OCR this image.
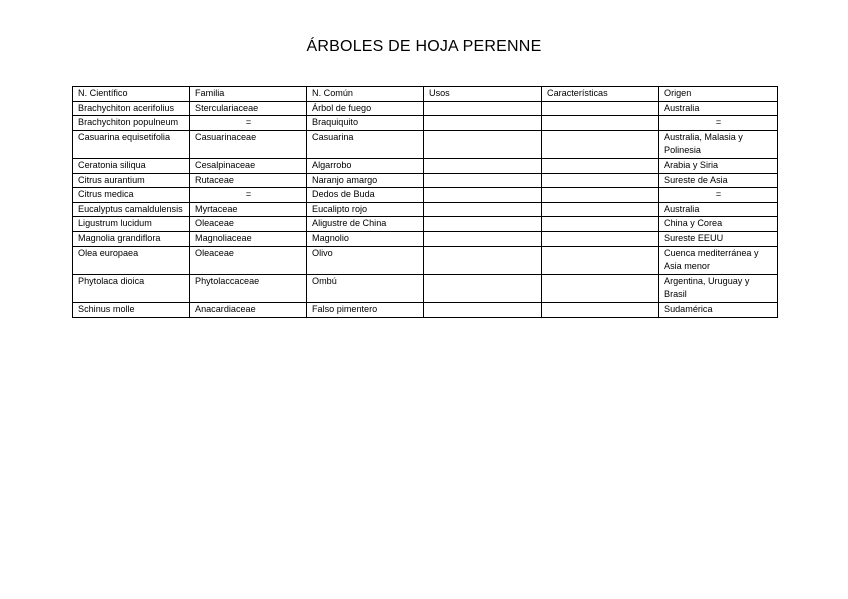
ÁRBOLES DE HOJA PERENNE
N. Científico	Familia	N. Común	Usos	Características	Origen
Brachychiton acerifolius	Sterculariaceae	Árbol de fuego			Australia
Brachychiton populneum	=	Braquiquito			=
Casuarina equisetifolia	Casuarinaceae	Casuarina			Australia, Malasia y Polinesia
Ceratonia siliqua	Cesalpinaceae	Algarrobo			Arabia y Siria
Citrus aurantium	Rutaceae	Naranjo amargo			Sureste de Asia
Citrus medica	=	Dedos de Buda			=
Eucalyptus camaldulensis	Myrtaceae	Eucalipto rojo			Australia
Ligustrum lucidum	Oleaceae	Aligustre de China			China y Corea
Magnolia grandiflora	Magnoliaceae	Magnolio			Sureste EEUU
Olea europaea	Oleaceae	Olivo			Cuenca mediterránea y Asia menor
Phytolaca dioica	Phytolaccaceae	Ombú			Argentina, Uruguay y Brasil
Schinus molle	Anacardiaceae	Falso pimentero			Sudamérica
